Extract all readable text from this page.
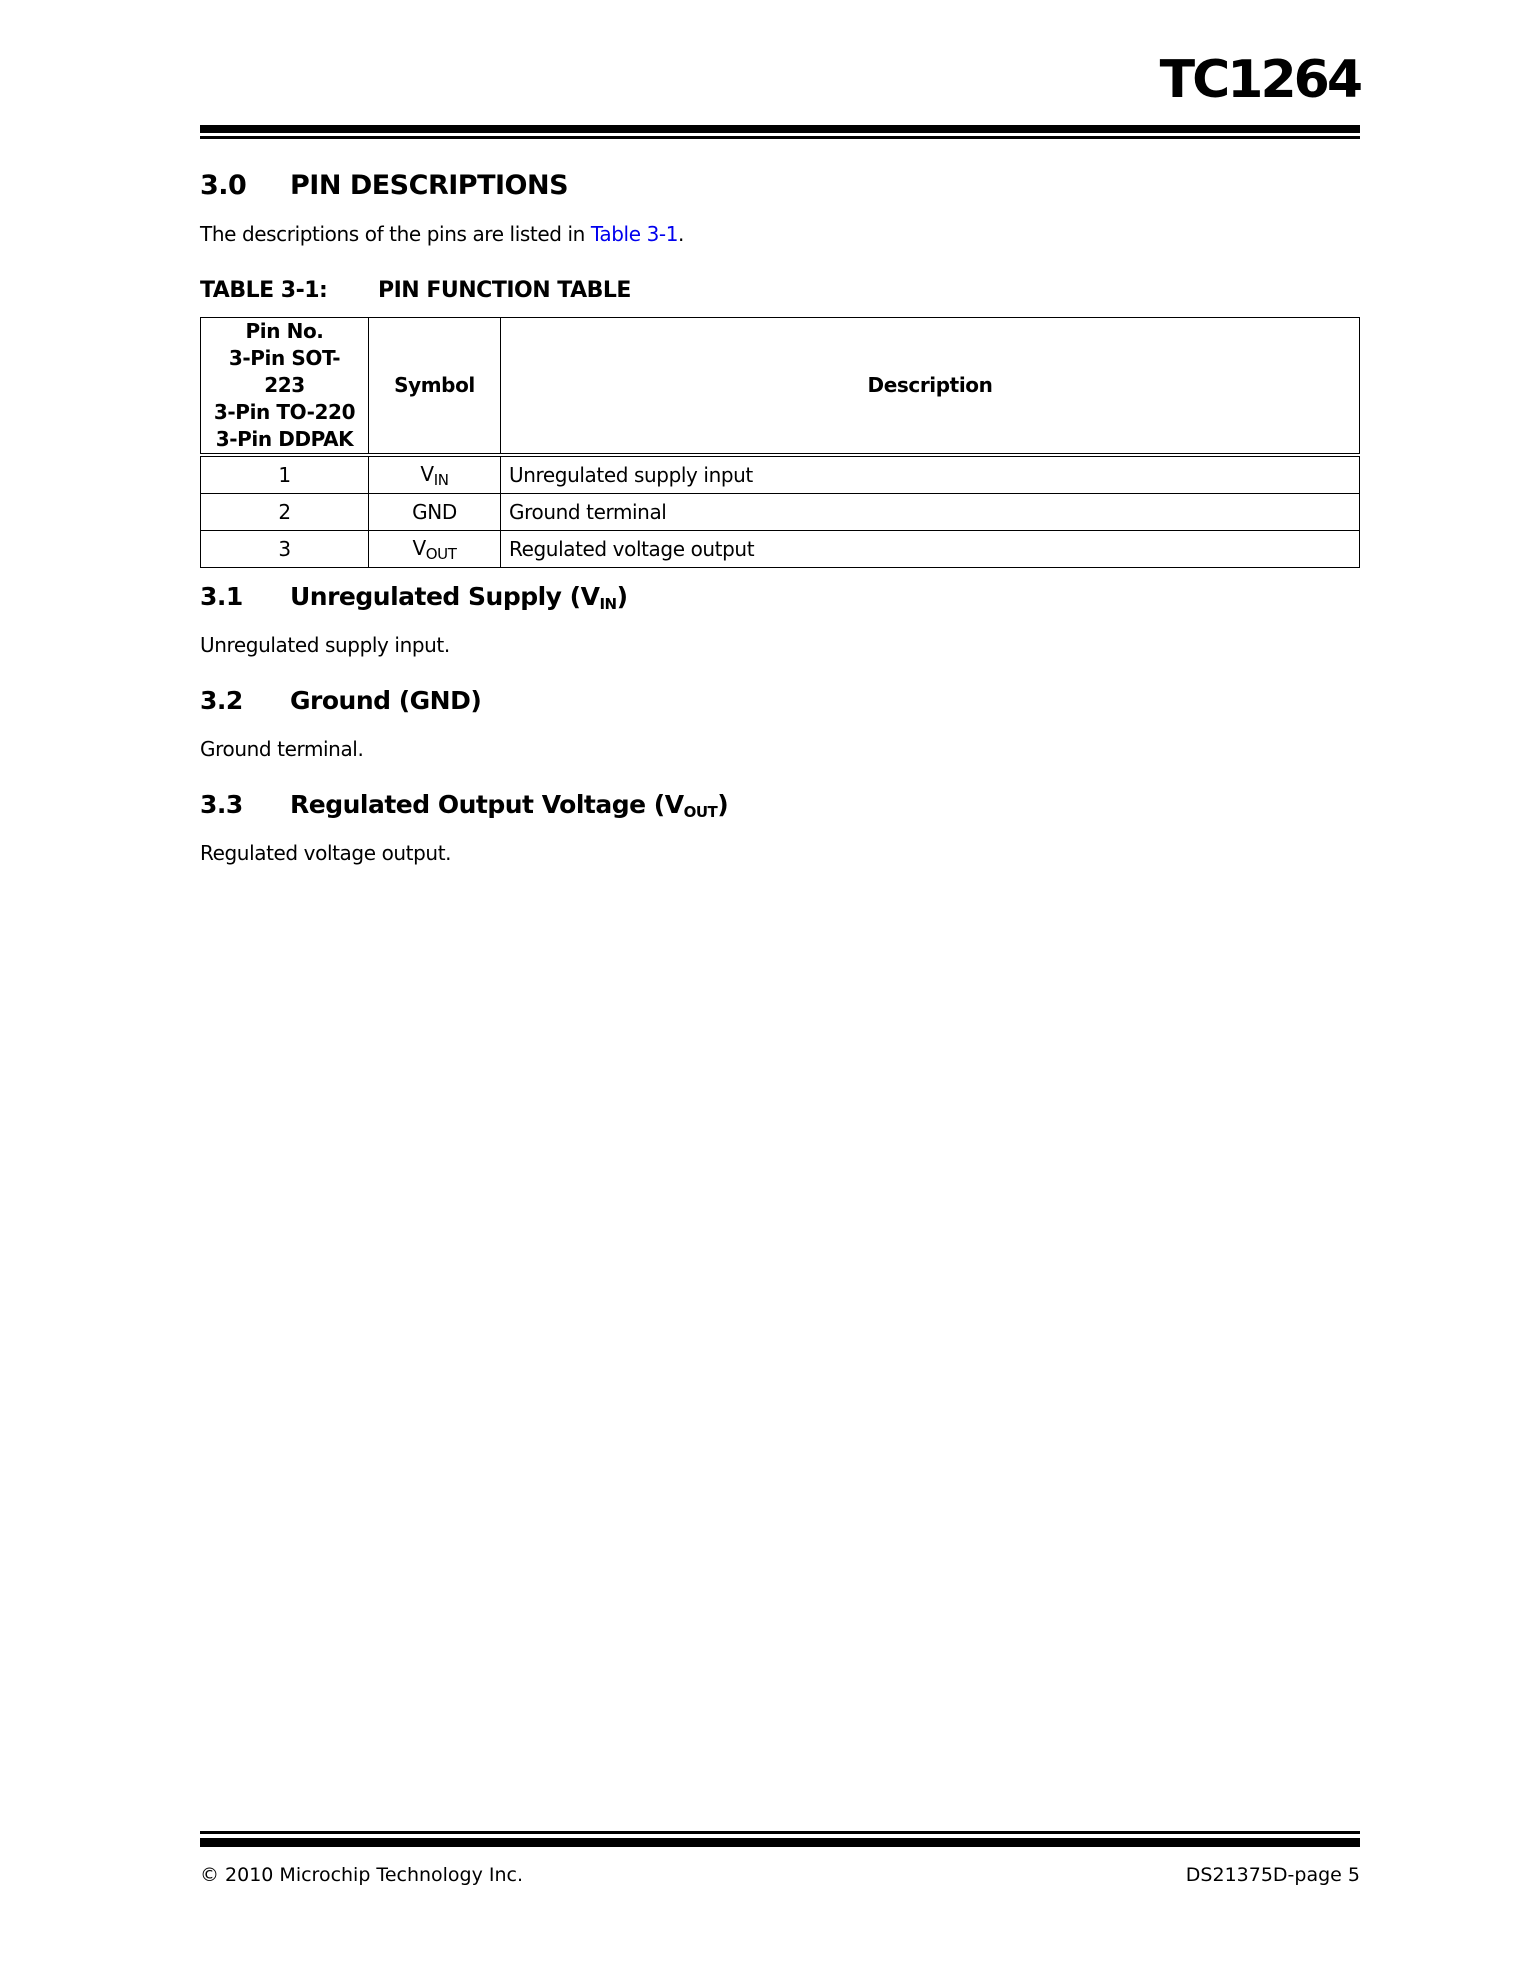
TC1264
3.0 PIN DESCRIPTIONS
The descriptions of the pins are listed in Table 3-1.
TABLE 3-1: PIN FUNCTION TABLE
Pin No.
3-Pin SOT-223
3-Pin TO-220
3-Pin DDPAK	Symbol	Description
1	$V_{IN}$	Unregulated supply input
2	GND	Ground terminal
3	$V_{OUT}$	Regulated voltage output
3.1 Unregulated Supply $(V_{IN})$
Unregulated supply input.
3.2 Ground (GND)
Ground terminal.
3.3 Regulated Output Voltage $(V_{OUT})$
Regulated voltage output.
© 2010 Microchip Technology Inc.	DS21375D-page 5
